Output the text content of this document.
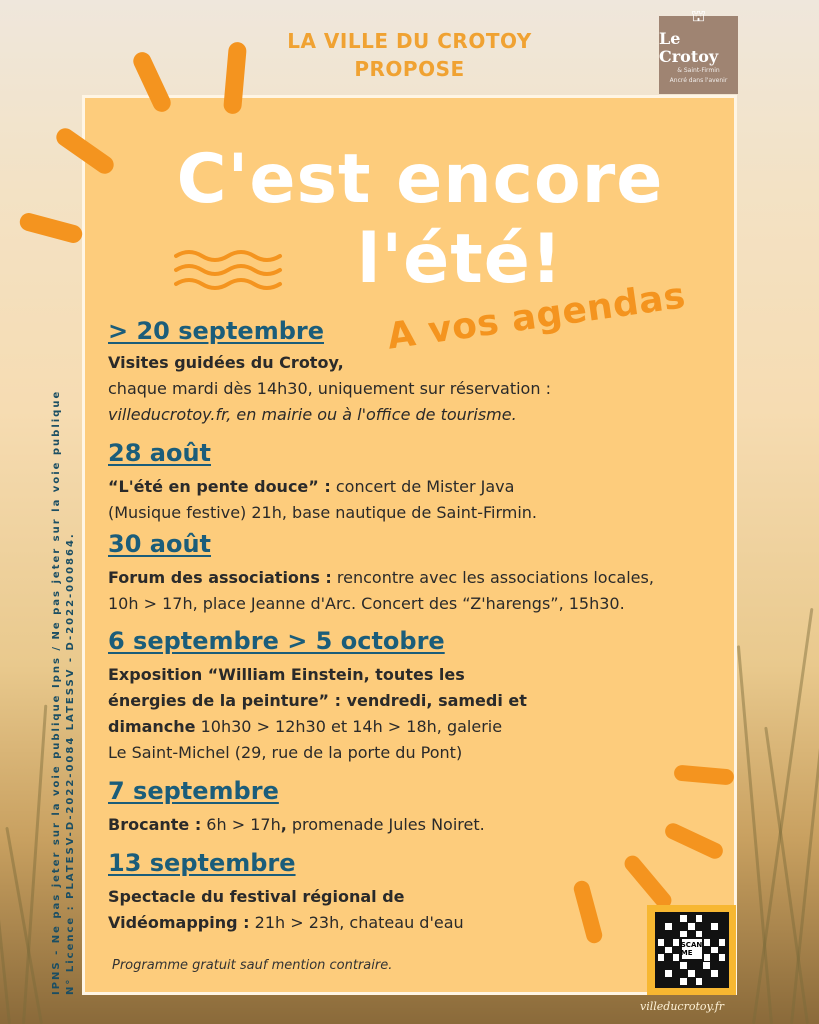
LA VILLE DU CROTOY
PROPOSE
⛫
Le Crotoy
& Saint-Firmin
Ancré dans l'avenir
C'est encore
l'été!
A vos agendas
> 20 septembre
Visites guidées du Crotoy,
chaque mardi dès 14h30, uniquement sur réservation :
villeducrotoy.fr, en mairie ou à l'office de tourisme.
28 août
“L'été en pente douce” : concert de Mister Java
(Musique festive) 21h, base nautique de Saint-Firmin.
30 août
Forum des associations : rencontre avec les associations locales,
10h > 17h, place Jeanne d'Arc. Concert des “Z'harengs”, 15h30.
6 septembre > 5 octobre
Exposition “William Einstein, toutes les
énergies de la peinture” : vendredi, samedi et
dimanche 10h30 > 12h30 et 14h > 18h, galerie
Le Saint-Michel (29, rue de la porte du Pont)
7 septembre
Brocante : 6h > 17h, promenade Jules Noiret.
13 septembre
Spectacle du festival régional de
Vidéomapping : 21h > 23h, chateau d'eau
Programme gratuit sauf mention contraire.
IPNS - Ne pas jeter sur la voie publique Ipns / Ne pas jeter sur la voie publique N° Licence : PLATESV-D-2022-0084 LATESSV - D-2022-000864.	SCAN ME
villeducrotoy.fr
